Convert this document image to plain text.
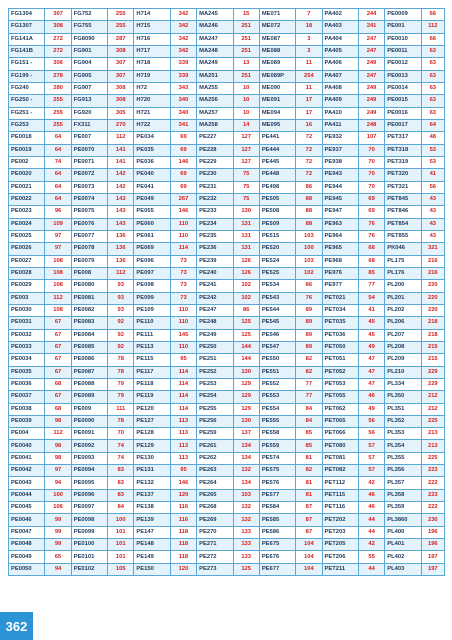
FG1304	307	FG752	255	H714	342	MA245	15	ME071	7	PA402	244	PE0009	66
FG1307	308	FG755	255	H715	342	MA246	251	ME072	18	PA403	241	PE001	112
FG141A	272	FG8090	287	H716	342	MA247	251	ME087	3	PA404	247	PE0010	66
FG141B	272	FG901	308	H717	342	MA248	251	ME088	3	PA405	247	PE0011	63
FG151 -	306	FG904	307	H718	339	MA249	13	ME089	11	PA406	249	PE0012	63
FG199 -	278	FG905	307	H719	339	MA251	251	ME089P	254	PA407	247	PE0013	63
FG240	280	FG907	308	H72	343	MA255	10	ME090	11	PA408	249	PE0014	63
FG250 -	255	FG913	308	H720	340	MA256	10	ME091	17	PA409	249	PE0015	63
FG251 -	255	FG920	305	H721	340	MA257	10	ME094	17	PA410	249	PE0016	63
FG253	255	FX311	270	H722	341	MA258	14	ME095	16	PA411	248	PE0017	64
PE0018	64	PE007	112	PE034	69	PE227	127	PE441	72	PE932	107	PET317	48
PE0019	64	PE0070	141	PE035	69	PE228	127	PE444	72	PE937	70	PET318	53
PE002	74	PE0071	141	PE036	146	PE229	127	PE445	72	PE938	70	PET319	53
PE0020	64	PE0072	142	PE040	69	PE230	75	PE448	72	PE943	70	PET320	41
PE0021	64	PE0073	142	PE041	69	PE231	75	PE498	86	PE944	70	PET321	56
PE0022	64	PE0074	143	PE049	267	PE232	75	PE505	88	PE945	69	PET845	43
PE0023	96	PE0075	143	PE055	146	PE233	130	PE508	88	PE947	69	PET846	43
PE0024	109	PE0076	143	PE060	110	PE234	131	PE509	88	PE963	76	PET854	43
PE0025	97	PE0077	136	PE061	110	PE235	131	PE515	103	PE964	76	PET855	43
PE0026	97	PE0078	136	PE069	114	PE236	131	PE520	100	PE965	68	PK046	321
PE0027	108	PE0079	136	PE096	73	PE239	126	PE524	103	PE968	68	PL175	216
PE0028	108	PE008	112	PE097	73	PE240	126	PE525	102	PE976	85	PL176	216
PE0029	108	PE0080	93	PE098	73	PE241	102	PE534	86	PE977	77	PL200	220
PE003	112	PE0081	93	PE099	73	PE242	102	PE543	76	PET021	54	PL201	220
PE0030	108	PE0082	93	PE109	110	PE247	86	PE544	89	PET034	41	PL202	220
PE0031	67	PE0083	92	PE110	110	PE248	125	PE545	89	PET035	45	PL206	218
PE0032	67	PE0084	92	PE111	145	PE249	125	PE546	89	PET036	45	PL207	218
PE0033	67	PE0085	92	PE113	110	PE250	144	PE547	89	PET050	49	PL208	215
PE0034	67	PE0086	78	PE115	95	PE251	144	PE550	82	PET051	47	PL209	215
PE0035	67	PE0087	78	PE117	114	PE252	130	PE551	82	PET052	47	PL210	229
PE0036	68	PE0088	79	PE118	114	PE253	129	PE552	77	PET053	47	PL334	229
PE0037	67	PE0089	79	PE119	114	PE254	129	PE553	77	PET055	46	PL350	212
PE0038	68	PE009	111	PE120	114	PE255	129	PE554	84	PET062	49	PL351	212
PE0039	98	PE0090	78	PE127	113	PE256	130	PE555	84	PET065	56	PL352	225
PE004	112	PE0091	70	PE128	113	PE259	137	PE558	85	PET066	56	PL353	213
PE0040	98	PE0092	74	PE129	113	PE261	134	PE559	85	PET080	57	PL354	213
PE0041	98	PE0093	74	PE130	113	PE262	134	PE574	81	PET081	57	PL355	225
PE0042	97	PE0094	83	PE131	95	PE263	132	PE575	82	PET082	57	PL356	223
PE0043	94	PE0095	83	PE132	146	PE264	134	PE576	81	PET112	42	PL357	222
PE0044	100	PE0096	83	PE137	120	PE265	103	PE577	81	PET115	46	PL358	223
PE0045	106	PE0097	84	PE138	116	PE268	132	PE584	87	PET116	46	PL359	222
PE0046	99	PE0098	100	PE139	116	PE269	132	PE585	87	PET202	44	PL3860	230
PE0047	99	PE0099	101	PE147	118	PE270	133	PE586	87	PET203	44	PL400	196
PE0048	99	PE0100	101	PE148	118	PE271	133	PE675	104	PET205	42	PL401	196
PE0049	65	PE0101	101	PE149	118	PE272	133	PE676	104	PET206	55	PL402	197
PE0050	94	PE0102	105	PE150	120	PE273	125	PE677	104	PET211	44	PL403	197
362
